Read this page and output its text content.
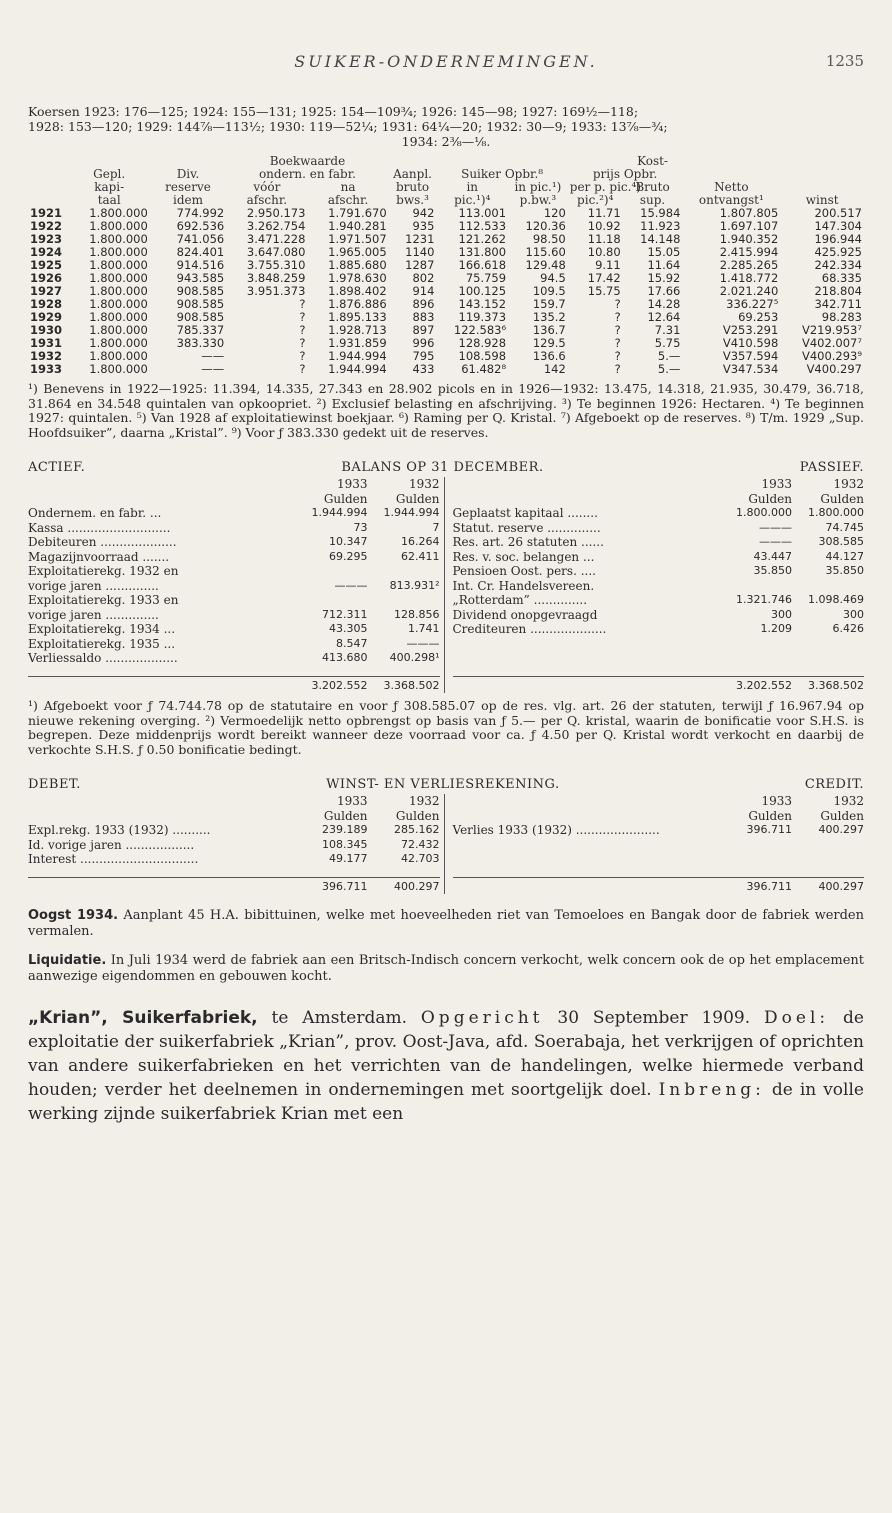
SUIKER-ONDERNEMINGEN.	1235

Koersen 1923: 176—125; 1924: 155—131; 1925: 154—109¾; 1926: 145—98; 1927: 169½—118;

1928: 153—120; 1929: 144⅞—113½; 1930: 119—52¼; 1931: 64¼—20; 1932: 30—9; 1933: 13⅞—¾;

1934: 2⅜—⅛.

			Boekwaarde						Kost-		
	Gepl.	Div.	ondern. en fabr.		Aanpl.	Suiker Opbr.⁸		prijs Opbr.			
	kapi-	reserve	vóór	na	bruto	in	in pic.¹)	per p. pic.⁴)	Bruto	Netto	
	taal	idem	afschr.	afschr.	bws.³	pic.¹)⁴	p.bw.³	pic.²)⁴	sup.	ontvangst¹	winst
1921	1.800.000	774.992	2.950.173	1.791.670	942	113.001	120	11.71	15.984	1.807.805	200.517
1922	1.800.000	692.536	3.262.754	1.940.281	935	112.533	120.36	10.92	11.923	1.697.107	147.304
1923	1.800.000	741.056	3.471.228	1.971.507	1231	121.262	98.50	11.18	14.148	1.940.352	196.944
1924	1.800.000	824.401	3.647.080	1.965.005	1140	131.800	115.60	10.80	15.05	2.415.994	425.925
1925	1.800.000	914.516	3.755.310	1.885.680	1287	166.618	129.48	9.11	11.64	2.285.265	242.334
1926	1.800.000	943.585	3.848.259	1.978.630	802	75.759	94.5	17.42	15.92	1.418.772	68.335
1927	1.800.000	908.585	3.951.373	1.898.402	914	100.125	109.5	15.75	17.66	2.021.240	218.804
1928	1.800.000	908.585	?	1.876.886	896	143.152	159.7	?	14.28	336.227⁵	342.711
1929	1.800.000	908.585	?	1.895.133	883	119.373	135.2	?	12.64	69.253	98.283
1930	1.800.000	785.337	?	1.928.713	897	122.583⁶	136.7	?	7.31	V253.291	V219.953⁷
1931	1.800.000	383.330	?	1.931.859	996	128.928	129.5	?	5.75	V410.598	V402.007⁷
1932	1.800.000	——	?	1.944.994	795	108.598	136.6	?	5.—	V357.594	V400.293⁹
1933	1.800.000	——	?	1.944.994	433	61.482⁸	142	?	5.—	V347.534	V400.297

¹) Benevens in 1922—1925: 11.394, 14.335, 27.343 en 28.902 picols en in 1926—1932: 13.475, 14.318, 21.935, 30.479, 36.718, 31.864 en 34.548 quintalen van opkoopriet. ²) Exclusief belasting en afschrijving. ³) Te beginnen 1926: Hectaren. ⁴) Te beginnen 1927: quintalen. ⁵) Van 1928 af exploitatiewinst boekjaar. ⁶) Raming per Q. Kristal. ⁷) Afgeboekt op de reserves. ⁸) T/m. 1929 „Sup. Hoofdsuiker”, daarna „Kristal”. ⁹) Voor ƒ 383.330 gedekt uit de reserves.

ACTIEF.	BALANS OP 31 DECEMBER.	PASSIEF.
1933	1932
Gulden	Gulden
Ondernem. en fabr. ...	1.944.994	1.944.994
Kassa ...........................	73	7
Debiteuren ....................	10.347	16.264
Magazijnvoorraad .......	69.295	62.411
Exploitatierekg. 1932 en
vorige jaren ..............	———	813.931²
Exploitatierekg. 1933 en
vorige jaren ..............	712.311	128.856
Exploitatierekg. 1934 ...	43.305	1.741
Exploitatierekg. 1935 ...	8.547	———
Verliessaldo ...................	413.680	400.298¹
3.202.552	3.368.502
1933	1932
Gulden	Gulden
Geplaatst kapitaal ........	1.800.000	1.800.000
Statut. reserve ..............	———	74.745
Res. art. 26 statuten ......	———	308.585
Res. v. soc. belangen ...	43.447	44.127
Pensioen Oost. pers. ....	35.850	35.850
Int. Cr. Handelsvereen.
„Rotterdam” ..............	1.321.746	1.098.469
Dividend onopgevraagd	300	300
Crediteuren ....................	1.209	6.426
3.202.552	3.368.502

¹) Afgeboekt voor ƒ 74.744.78 op de statutaire en voor ƒ 308.585.07 op de res. vlg. art. 26 der statuten, terwijl ƒ 16.967.94 op nieuwe rekening overging. ²) Vermoedelijk netto opbrengst op basis van ƒ 5.— per Q. kristal, waarin de bonificatie voor S.H.S. is begrepen. Deze middenprijs wordt bereikt wanneer deze voorraad voor ca. ƒ 4.50 per Q. Kristal wordt verkocht en daarbij de verkochte S.H.S. ƒ 0.50 bonificatie bedingt.

DEBET.	WINST- EN VERLIESREKENING.	CREDIT.
1933	1932
Gulden	Gulden
Expl.rekg. 1933 (1932) ..........	239.189	285.162
Id. vorige jaren ..................	108.345	72.432
Interest ...............................	49.177	42.703
396.711	400.297
1933	1932
Gulden	Gulden
Verlies 1933 (1932) ......................	396.711	400.297
396.711	400.297

Oogst 1934. Aanplant 45 H.A. bibittuinen, welke met hoeveelheden riet van Temoeloes en Bangak door de fabriek werden vermalen.

Liquidatie. In Juli 1934 werd de fabriek aan een Britsch-Indisch concern verkocht, welk concern ook de op het emplacement aanwezige eigendommen en gebouwen kocht.

„Krian”, Suikerfabriek, te Amsterdam. Opgericht 30 September 1909. Doel: de exploitatie der suikerfabriek „Krian”, prov. Oost-Java, afd. Soerabaja, het verkrijgen of oprichten van andere suikerfabrieken en het verrichten van de handelingen, welke hiermede verband houden; verder het deelnemen in ondernemingen met soortgelijk doel. Inbreng: de in volle werking zijnde suikerfabriek Krian met een
